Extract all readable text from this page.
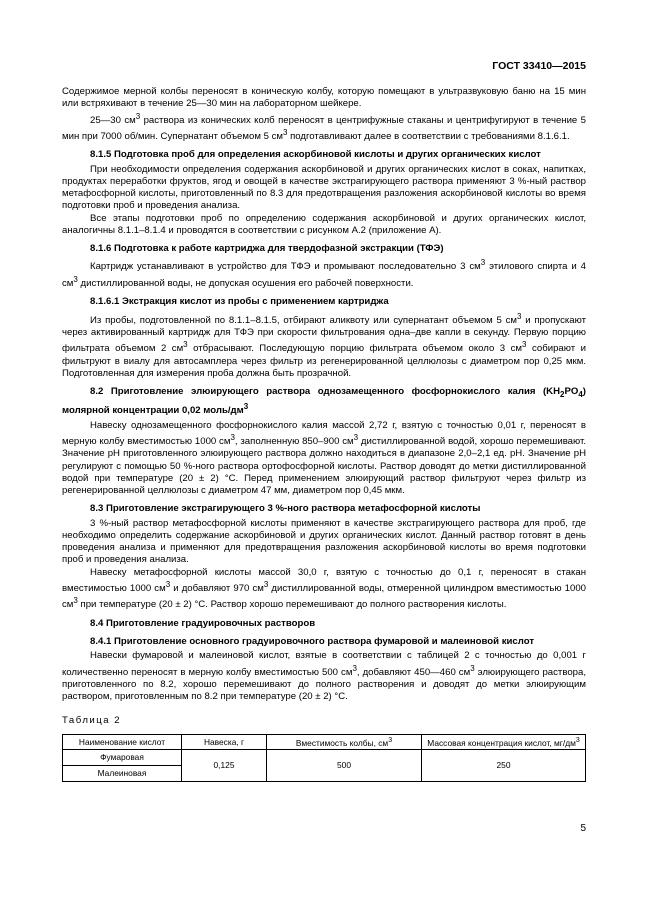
ГОСТ 33410—2015

Содержимое мерной колбы переносят в коническую колбу, которую помещают в ультразвуковую баню на 15 мин или встряхивают в течение 25—30 мин на лабораторном шейкере.

25—30 $см^3$ раствора из конических колб переносят в центрифужные стаканы и центрифугируют в течение 5 мин при 7000 об/мин. Супернатант объемом 5 $см^3$ подготавливают далее в соответствии с требованиями 8.1.6.1.

8.1.5 Подготовка проб для определения аскорбиновой кислоты и других органических кислот

При необходимости определения содержания аскорбиновой и других органических кислот в соках, напитках, продуктах переработки фруктов, ягод и овощей в качестве экстрагирующего раствора применяют 3 %-ный раствор метафосфорной кислоты, приготовленный по 8.3 для предотвращения разложения аскорбиновой кислоты во время подготовки проб и проведения анализа.

Все этапы подготовки проб по определению содержания аскорбиновой и других органических кислот, аналогичны 8.1.1–8.1.4 и проводятся в соответствии с рисунком А.2 (приложение А).

8.1.6 Подготовка к работе картриджа для твердофазной экстракции (ТФЭ)

Картридж устанавливают в устройство для ТФЭ и промывают последовательно 3 $см^3$ этилового спирта и 4 $см^3$ дистиллированной воды, не допуская осушения его рабочей поверхности.

8.1.6.1 Экстракция кислот из пробы с применением картриджа

Из пробы, подготовленной по 8.1.1–8.1.5, отбирают аликвоту или супернатант объемом 5 $см^3$ и пропускают через активированный картридж для ТФЭ при скорости фильтрования одна–две капли в секунду. Первую порцию фильтрата объемом 2 $см^3$ отбрасывают. Последующую порцию фильтрата объемом около 3 $см^3$ собирают и фильтруют в виалу для автосамплера через фильтр из регенерированной целлюлозы с диаметром пор 0,25 мкм. Подготовленная для измерения проба должна быть прозрачной.

8.2 Приготовление элюирующего раствора однозамещенного фосфорнокислого калия $(KH_2PO_4)$ молярной концентрации 0,02 моль/$дм^3$

Навеску однозамещенного фосфорнокислого калия массой 2,72 г, взятую с точностью 0,01 г, переносят в мерную колбу вместимостью 1000 $см^3$, заполненную 850–900 $см^3$ дистиллированной водой, хорошо перемешивают. Значение pH приготовленного элюирующего раствора должно находиться в диапазоне 2,0–2,1 ед. pH. Значение pH регулируют с помощью 50 %-ного раствора ортофосфорной кислоты. Раствор доводят до метки дистиллированной водой при температуре (20 ± 2) °С. Перед применением элюирующий раствор фильтруют через фильтр из регенерированной целлюлозы с диаметром 47 мм, диаметром пор 0,45 мкм.

8.3 Приготовление экстрагирующего 3 %-ного раствора метафосфорной кислоты

3 %-ный раствор метафосфорной кислоты применяют в качестве экстрагирующего раствора для проб, где необходимо определить содержание аскорбиновой и других органических кислот. Данный раствор готовят в день проведения анализа и применяют для предотвращения разложения аскорбиновой кислоты во время подготовки проб и проведения анализа.

Навеску метафосфорной кислоты массой 30,0 г, взятую с точностью до 0,1 г, переносят в стакан вместимостью 1000 $см^3$ и добавляют 970 $см^3$ дистиллированной воды, отмеренной цилиндром вместимостью 1000 $см^3$ при температуре (20 ± 2) °С. Раствор хорошо перемешивают до полного растворения кислоты.

8.4 Приготовление градуировочных растворов

8.4.1 Приготовление основного градуировочного раствора фумаровой и малеиновой кислот

Навески фумаровой и малеиновой кислот, взятые в соответствии с таблицей 2 с точностью до 0,001 г количественно переносят в мерную колбу вместимостью 500 $см^3$, добавляют 450—460 $см^3$ элюирующего раствора, приготовленного по 8.2, хорошо перемешивают до полного растворения и доводят до метки элюирующим раствором, приготовленным по 8.2 при температуре (20 ± 2) °С.

Таблица 2

Наименование кислот	Навеска, г	Вместимость колбы, $см^3$	Массовая концентрация кислот, $мг/дм^3$
Фумаровая	0,125	500	250
Малеиновая			
5
